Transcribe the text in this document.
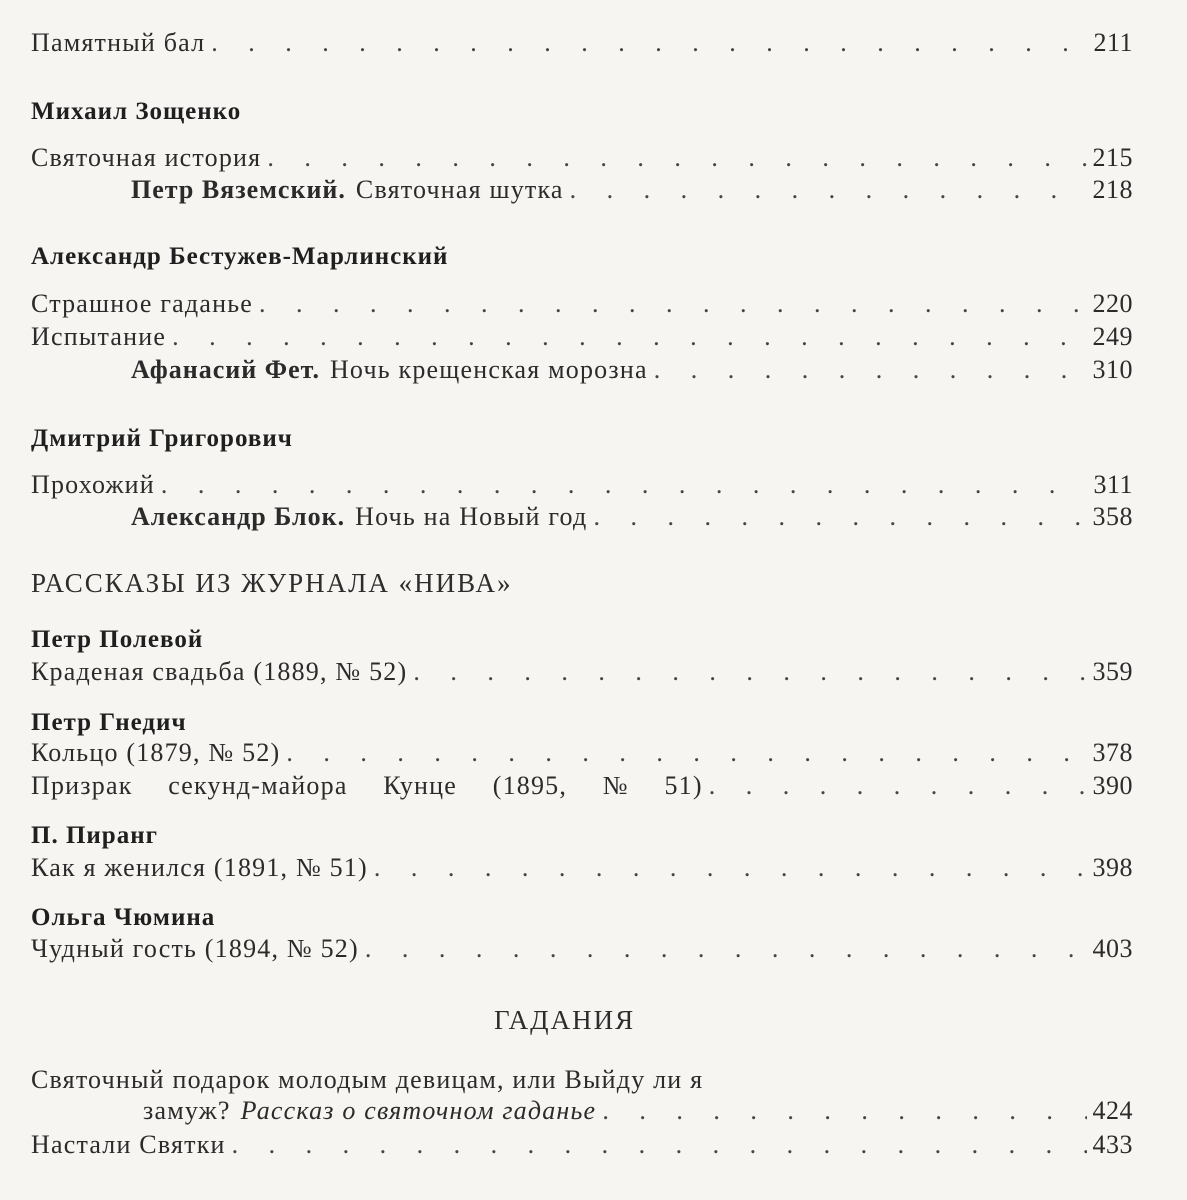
Памятный бал . . .	211
Михаил Зощенко
Святочная история . . .	215
Петр Вяземский. Святочная шутка . . .	218
Александр Бестужев-Марлинский
Страшное гаданье . . .	220
Испытание . . .	249
Афанасий Фет. Ночь крещенская морозна . . .	310
Дмитрий Григорович
Прохожий . . .	311
Александр Блок. Ночь на Новый год . . .	358
РАССКАЗЫ ИЗ ЖУРНАЛА «НИВА»
Петр Полевой
Краденая свадьба (1889, № 52) . . .	359
Петр Гнедич
Кольцо (1879, № 52) . . .	378
Призрак секунд-майора Кунце (1895, № 51) . . .	390
П. Пиранг
Как я женился (1891, № 51) . . .	398
Ольга Чюмина
Чудный гость (1894, № 52) . . .	403
ГАДАНИЯ
Святочный подарок молодым девицам, или Выйду ли я
замуж? Рассказ о святочном гаданье . . .	424
Настали Святки . . .	433
